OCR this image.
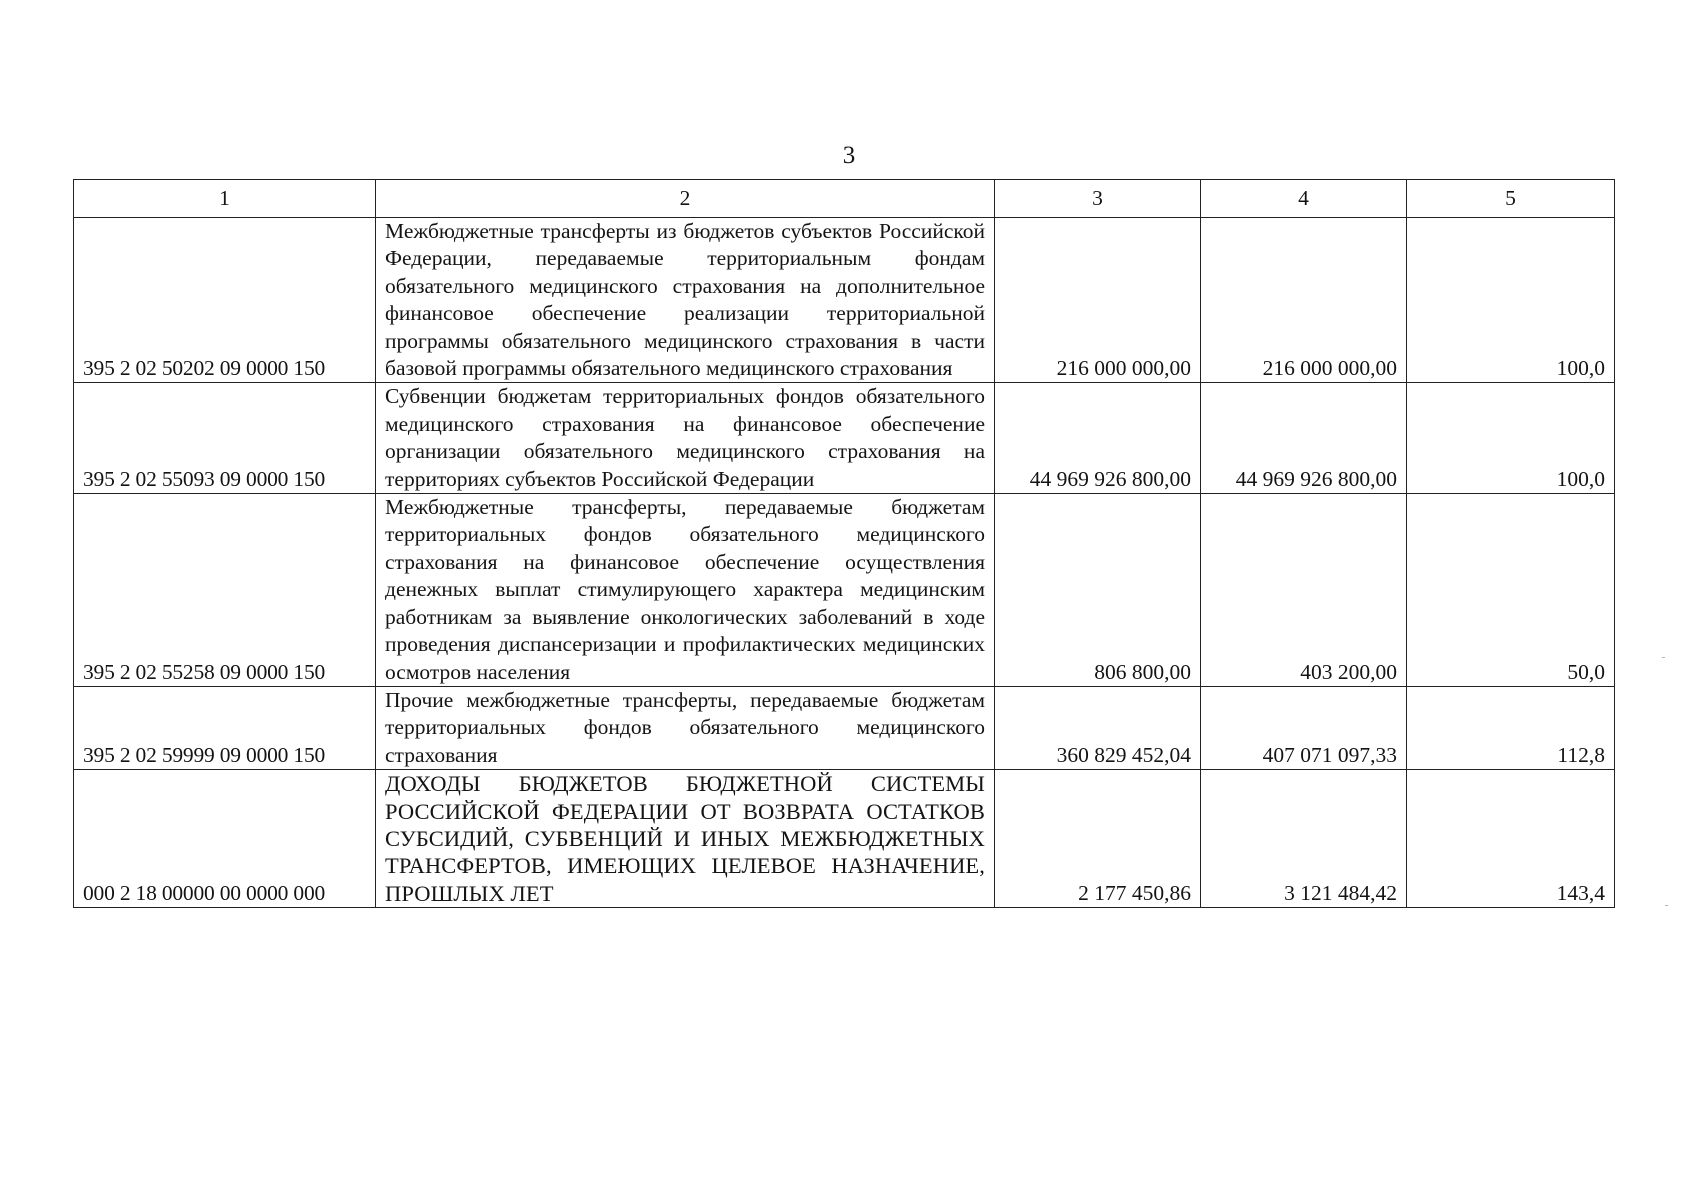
3
1	2	3	4	5
395 2 02 50202 09 0000 150	Межбюджетные трансферты из бюджетов субъектов Российской Федерации, передаваемые территориальным фондам обязательного медицинского страхования на дополнительное финансовое обеспечение реализации территориальной программы обязательного медицинского страхования в части базовой программы обязательного медицинского страхования	216 000 000,00	216 000 000,00	100,0
395 2 02 55093 09 0000 150	Субвенции бюджетам территориальных фондов обязательного медицинского страхования на финансовое обеспечение организации обязательного медицинского страхования на территориях субъектов Российской Федерации	44 969 926 800,00	44 969 926 800,00	100,0
395 2 02 55258 09 0000 150	Межбюджетные трансферты, передаваемые бюджетам территориальных фондов обязательного медицинского страхования на финансовое обеспечение осуществления денежных выплат стимулирующего характера медицинским работникам за выявление онкологических заболеваний в ходе проведения диспансеризации и профилактических медицинских осмотров населения	806 800,00	403 200,00	50,0
395 2 02 59999 09 0000 150	Прочие межбюджетные трансферты, передаваемые бюджетам территориальных фондов обязательного медицинского страхования	360 829 452,04	407 071 097,33	112,8
000 2 18 00000 00 0000 000	ДОХОДЫ БЮДЖЕТОВ БЮДЖЕТНОЙ СИСТЕМЫ РОССИЙСКОЙ ФЕДЕРАЦИИ ОТ ВОЗВРАТА ОСТАТКОВ СУБСИДИЙ, СУБВЕНЦИЙ И ИНЫХ МЕЖБЮДЖЕТНЫХ ТРАНСФЕРТОВ, ИМЕЮЩИХ ЦЕЛЕВОЕ НАЗНАЧЕНИЕ, ПРОШЛЫХ ЛЕТ	2 177 450,86	3 121 484,42	143,4
